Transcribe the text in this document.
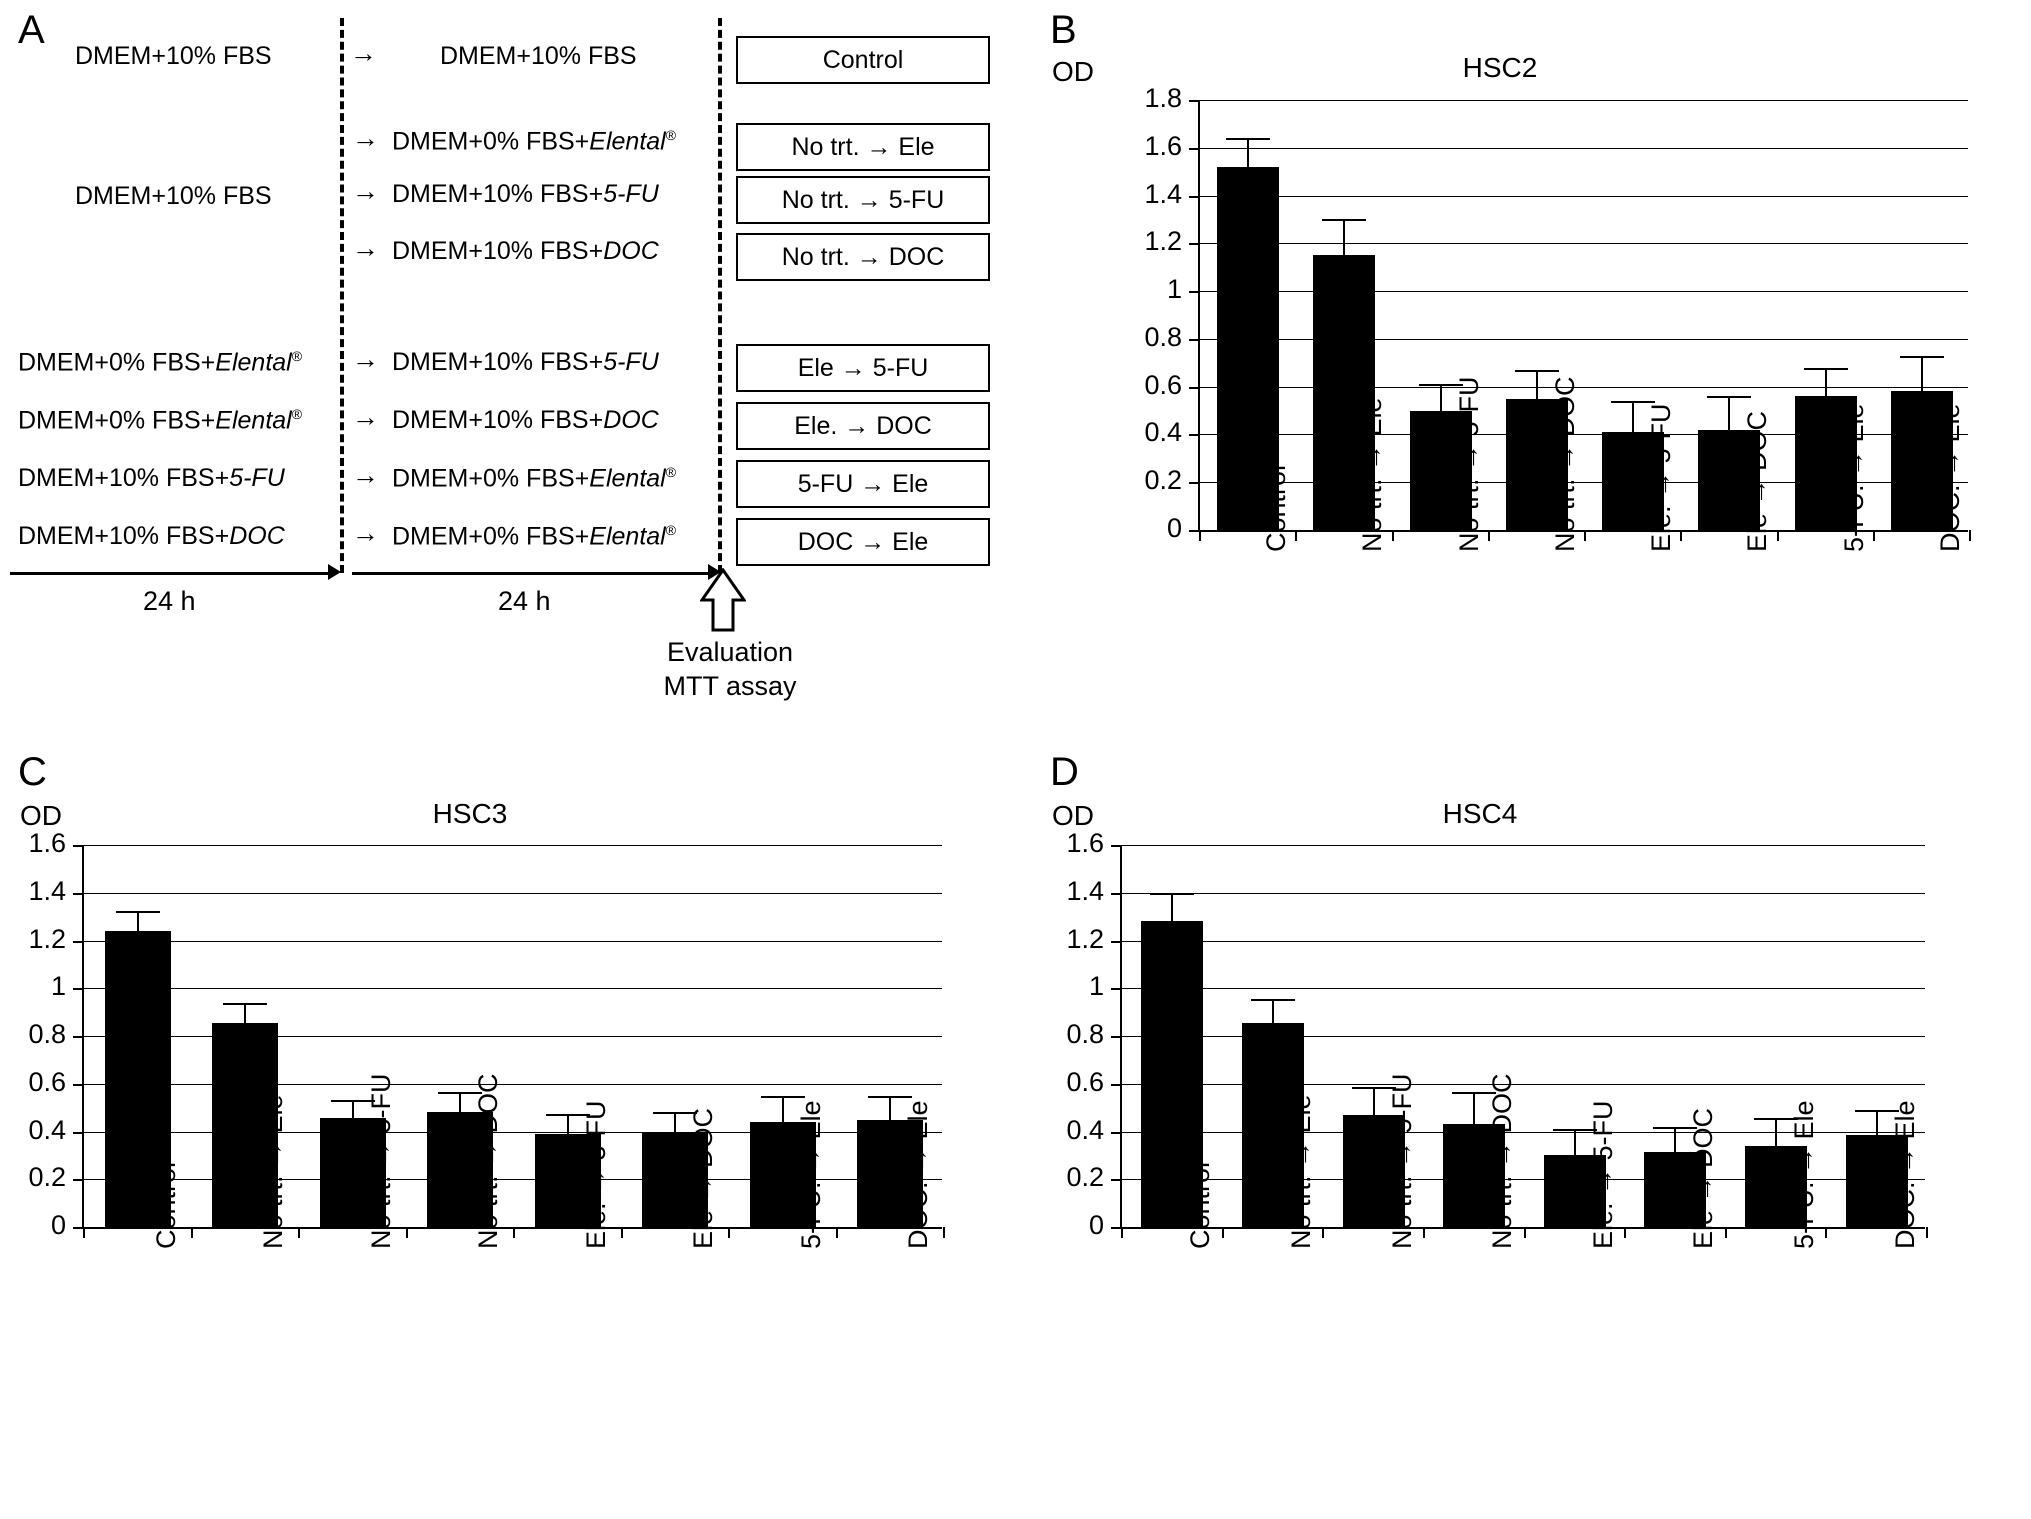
A
DMEM+10% FBS	→	DMEM+10% FBS	Control
→ DMEM+0% FBS+Elental®	No trt. → Ele
DMEM+10% FBS	→ DMEM+10% FBS+5-FU	No trt. → 5-FU
→ DMEM+10% FBS+DOC	No trt. → DOC
DMEM+0% FBS+Elental® → DMEM+10% FBS+5-FU	Ele → 5-FU
DMEM+0% FBS+Elental® → DMEM+10% FBS+DOC	Ele. → DOC
DMEM+10% FBS+5-FU → DMEM+0% FBS+Elental®	5-FU → Ele
DMEM+10% FBS+DOC → DMEM+0% FBS+Elental®	DOC → Ele
24 h	24 h
Evaluation
MTT assay
B
OD	HSC2
0
0.2
0.4
0.6
0.8
1
1.2
1.4
1.6
1.8
Control No trt. → Ele No trt. → 5-FU No trt. → DOC Ele. → 5-FU Ele → DOC 5-FU. → Ele DOC. → Ele
C
OD	HSC3
0
0.2
0.4
0.6
0.8
1
1.2
1.4
1.6
Control	No trt. → Ele	No trt. → 5-FU	No trt. → DOC	Ele. → 5-FU	Ele → DOC	5-FU. → Ele	DOC. → Ele
D
OD	HSC4
0
0.2
0.4
0.6
0.8
1
1.2
1.4
1.6
Control	No trt. → Ele	No trt. → 5-FU	No trt. → DOC	Ele. → 5-FU	Ele → DOC	5-FU. → Ele	DOC. → Ele
